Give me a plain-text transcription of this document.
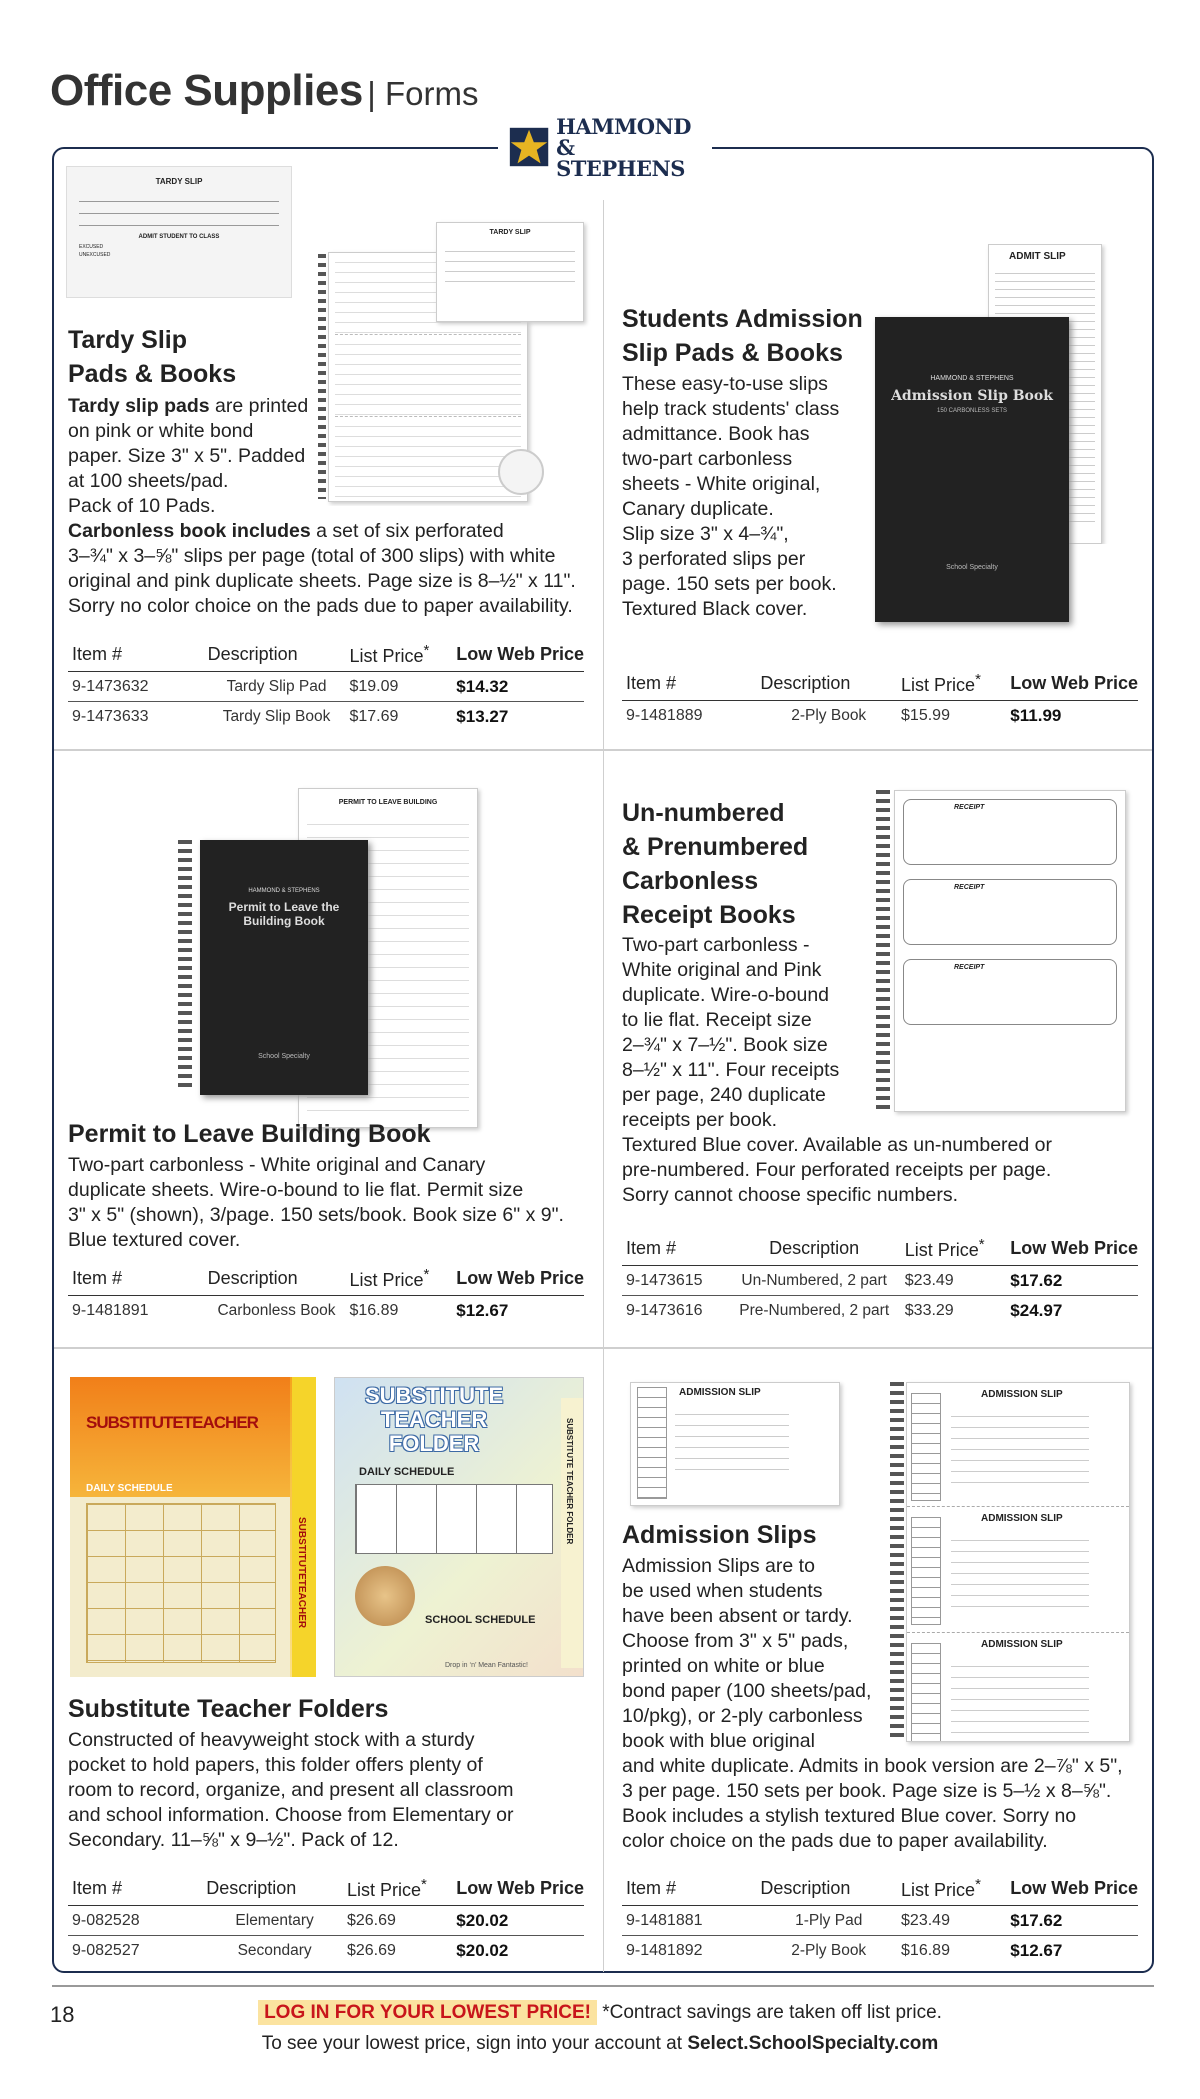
Office Supplies | Forms
HAMMOND
& STEPHENS
TARDY SLIP
ADMIT STUDENT TO CLASS
EXCUSED
UNEXCUSED
TARDY SLIP
Tardy Slip
Pads & Books
Tardy slip pads are printed
on pink or white bond
paper. Size 3" x 5". Padded
at 100 sheets/pad.
Pack of 10 Pads.
Carbonless book includes a set of six perforated
3–¾" x 3–⅝" slips per page (total of 300 slips) with white
original and pink duplicate sheets. Page size is 8–½" x 11".
Sorry no color choice on the pads due to paper availability.
Item #	Description	List Price*	Low Web Price
9-1473632	Tardy Slip Pad	$19.09	$14.32
9-1473633	Tardy Slip Book	$17.69	$13.27
ADMIT SLIP
HAMMOND & STEPHENS
Admission Slip Book
150 CARBONLESS SETS
School Specialty
Students Admission
Slip Pads & Books
These easy-to-use slips
help track students' class
admittance. Book has
two-part carbonless
sheets - White original,
Canary duplicate.
Slip size 3" x 4–¾",
3 perforated slips per
page. 150 sets per book.
Textured Black cover.
Item #	Description	List Price*	Low Web Price
9-1481889	2-Ply Book	$15.99	$11.99
PERMIT TO LEAVE BUILDING
HAMMOND & STEPHENS
Permit to Leave the
Building Book
School Specialty
Permit to Leave Building Book
Two-part carbonless - White original and Canary
duplicate sheets. Wire-o-bound to lie flat. Permit size
3" x 5" (shown), 3/page. 150 sets/book. Book size 6" x 9".
Blue textured cover.
Item #	Description	List Price*	Low Web Price
9-1481891	Carbonless Book	$16.89	$12.67
RECEIPT
RECEIPT
RECEIPT
Un-numbered
& Prenumbered
Carbonless
Receipt Books
Two-part carbonless -
White original and Pink
duplicate. Wire-o-bound
to lie flat. Receipt size
2–¾" x 7–½". Book size
8–½" x 11". Four receipts
per page, 240 duplicate
receipts per book.
Textured Blue cover. Available as un-numbered or
pre-numbered. Four perforated receipts per page.
Sorry cannot choose specific numbers.
Item #	Description	List Price*	Low Web Price
9-1473615	Un-Numbered, 2 part	$23.49	$17.62
9-1473616	Pre-Numbered, 2 part	$33.29	$24.97
SUBSTITUTETEACHER
DAILY SCHEDULE
SUBSTITUTETEACHER
SUBSTITUTE
TEACHER
FOLDER
DAILY SCHEDULE
SCHOOL SCHEDULE
Drop in ‘n’ Mean Fantastic!
SUBSTITUTE TEACHER FOLDER
Substitute Teacher Folders
Constructed of heavyweight stock with a sturdy
pocket to hold papers, this folder offers plenty of
room to record, organize, and present all classroom
and school information. Choose from Elementary or
Secondary. 11–⅝" x 9–½". Pack of 12.
Item #	Description	List Price*	Low Web Price
9-082528	Elementary	$26.69	$20.02
9-082527	Secondary	$26.69	$20.02
ADMISSION SLIP	ADMISSION SLIP
ADMISSION SLIP
ADMISSION SLIP
Admission Slips
Admission Slips are to
be used when students
have been absent or tardy.
Choose from 3" x 5" pads,
printed on white or blue
bond paper (100 sheets/pad,
10/pkg), or 2-ply carbonless
book with blue original
and white duplicate. Admits in book version are 2–⅞" x 5",
3 per page. 150 sets per book. Page size is 5–½ x 8–⅝".
Book includes a stylish textured Blue cover. Sorry no
color choice on the pads due to paper availability.
Item #	Description	List Price*	Low Web Price
9-1481881	1-Ply Pad	$23.49	$17.62
9-1481892	2-Ply Book	$16.89	$12.67
18	LOG IN FOR YOUR LOWEST PRICE! *Contract savings are taken off list price.
To see your lowest price, sign into your account at Select.SchoolSpecialty.com
